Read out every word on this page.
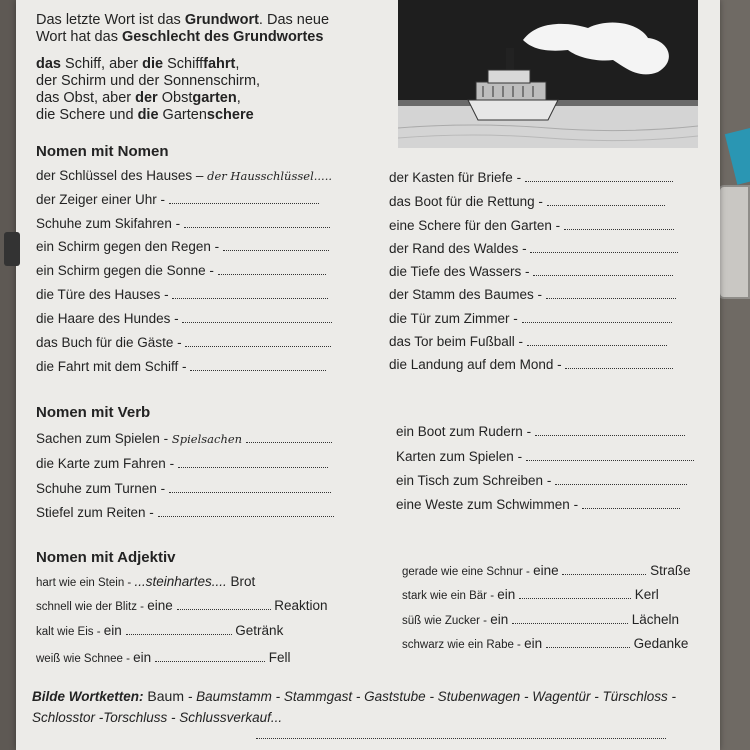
Das letzte Wort ist das Grundwort. Das neue
Wort hat das Geschlecht des Grundwortes
das Schiff, aber die Schifffahrt,
der Schirm und der Sonnenschirm,
das Obst, aber der Obstgarten,
die Schere und die Gartenschere
Nomen mit Nomen
der Schlüssel des Hauses – der Hausschlüssel.....
der Zeiger einer Uhr -
Schuhe zum Skifahren -
ein Schirm gegen den Regen -
ein Schirm gegen die Sonne -
die Türe des Hauses -
die Haare des Hundes -
das Buch für die Gäste -
die Fahrt mit dem Schiff -
der Kasten für Briefe -
das Boot für die Rettung -
eine Schere für den Garten -
der Rand des Waldes -
die Tiefe des Wassers -
der Stamm des Baumes -
die Tür zum Zimmer -
das Tor beim Fußball -
die Landung auf dem Mond -
Nomen mit Verb
Sachen zum Spielen - Spielsachen
die Karte zum Fahren -
Schuhe zum Turnen -
Stiefel zum Reiten -
ein Boot zum Rudern -
Karten zum Spielen -
ein Tisch zum Schreiben -
eine Weste zum Schwimmen -
Nomen mit Adjektiv
hart wie ein Stein - ...steinhartes.... Brot
schnell wie der Blitz - eine	Reaktion
kalt wie Eis - ein	Getränk
weiß wie Schnee - ein	Fell
gerade wie eine Schnur - eine	Straße
stark wie ein Bär - ein	Kerl
süß wie Zucker - ein	Lächeln
schwarz wie ein Rabe - ein	Gedanke
Bilde Wortketten: Baum - Baumstamm - Stammgast - Gaststube - Stubenwagen - Wagentür - Türschloss -
Schlosstor -Torschluss - Schlussverkauf...
